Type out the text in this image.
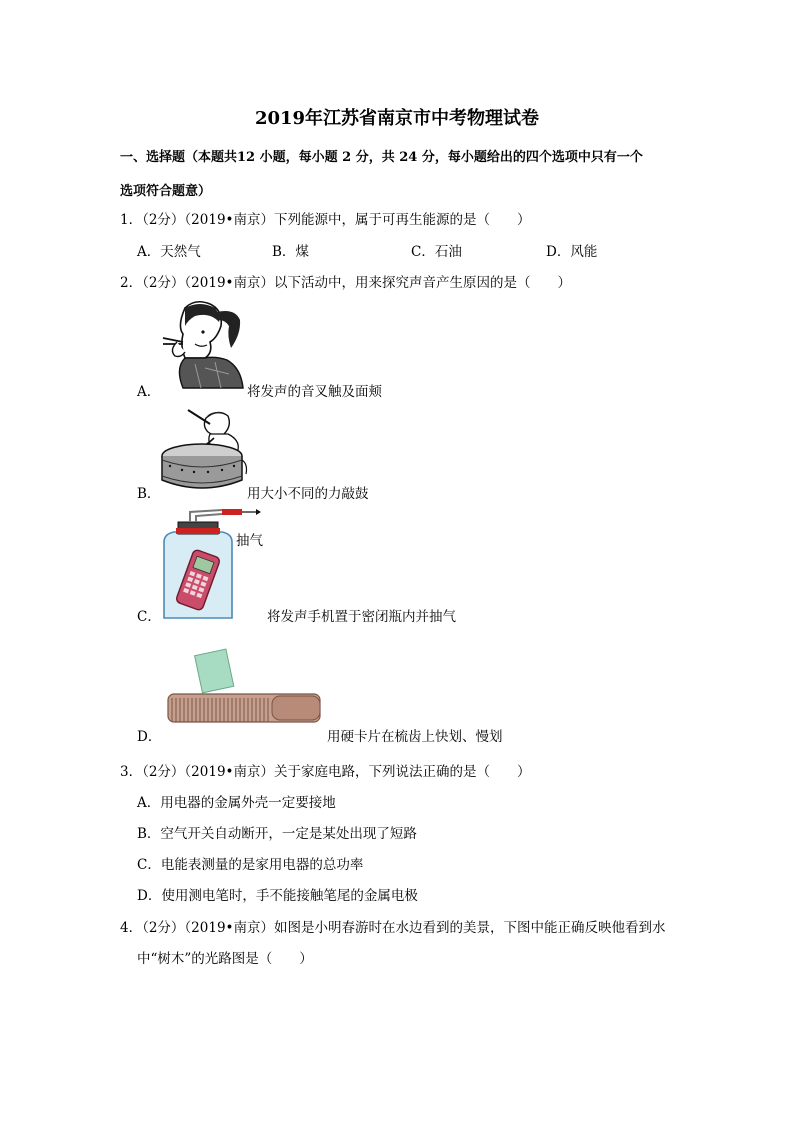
2019年江苏省南京市中考物理试卷
一、选择题（本题共12 小题，每小题 2 分，共 24 分，每小题给出的四个选项中只有一个
选项符合题意）
1．（2分）（2019•南京）下列能源中，属于可再生能源的是（　　）
A．天然气	B．煤	C．石油	D．风能
2．（2分）（2019•南京）以下活动中，用来探究声音产生原因的是（　　）
A．	将发声的音叉触及面颊
B．	用大小不同的力敲鼓
C．
抽气
将发声手机置于密闭瓶内并抽气
D．	用硬卡片在梳齿上快划、慢划
3．（2分）（2019•南京）关于家庭电路，下列说法正确的是（　　）
A．用电器的金属外壳一定要接地
B．空气开关自动断开，一定是某处出现了短路
C．电能表测量的是家用电器的总功率
D．使用测电笔时，手不能接触笔尾的金属电极
4．（2分）（2019•南京）如图是小明春游时在水边看到的美景，下图中能正确反映他看到水
中“树木”的光路图是（　　）
